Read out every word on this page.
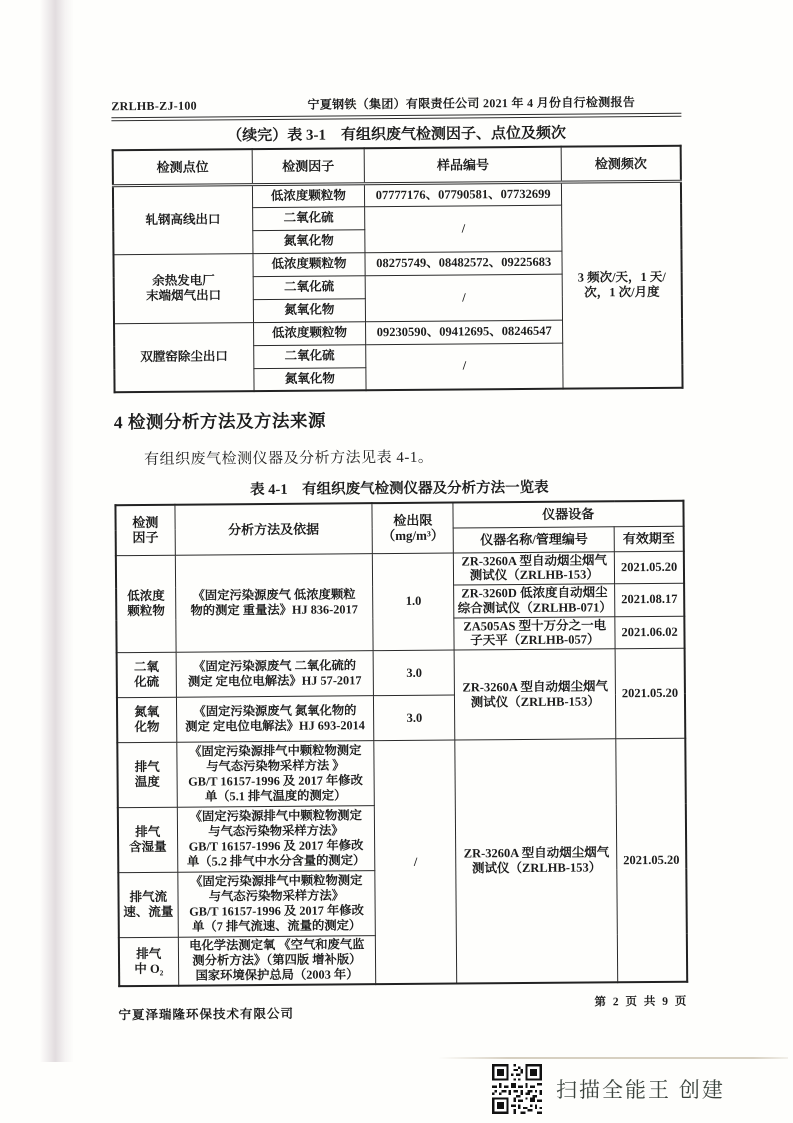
ZRLHB-ZJ-100	宁夏钢铁（集团）有限责任公司 2021 年 4 月份自行检测报告
（续完）表 3-1　有组织废气检测因子、点位及频次
检测点位	检测因子	样品编号	检测频次
轧钢高线出口	低浓度颗粒物	07777176、07790581、07732699	3 频次/天，1 天/
次，1 次/月度
	二氧化硫	/	
	氮氧化物		
余热发电厂
末端烟气出口	低浓度颗粒物	08275749、08482572、09225683	
	二氧化硫	/	
	氮氧化物		
双膛窑除尘出口	低浓度颗粒物	09230590、09412695、08246547	
	二氧化硫	/	
	氮氧化物		
4 检测分析方法及方法来源
有组织废气检测仪器及分析方法见表 4-1。
表 4-1　有组织废气检测仪器及分析方法一览表
检测
因子	分析方法及依据	检出限
（mg/m³）	仪器设备	
			仪器名称/管理编号	有效期至
低浓度
颗粒物	《固定污染源废气 低浓度颗粒
物的测定 重量法》HJ 836-2017	1.0	ZR-3260A 型自动烟尘烟气
测试仪（ZRLHB-153）	2021.05.20
			ZR-3260D 低浓度自动烟尘
综合测试仪（ZRLHB-071）	2021.08.17
			ZA505AS 型十万分之一电
子天平（ZRLHB-057）	2021.06.02
二氧
化硫	《固定污染源废气 二氧化硫的
测定 定电位电解法》HJ 57-2017	3.0	ZR-3260A 型自动烟尘烟气
测试仪（ZRLHB-153）	2021.05.20
氮氧
化物	《固定污染源废气 氮氧化物的
测定 定电位电解法》HJ 693-2014	3.0		
排气
温度	《固定污染源排气中颗粒物测定
与气态污染物采样方法 》
GB/T 16157-1996 及 2017 年修改
单（5.1 排气温度的测定）	/	ZR-3260A 型自动烟尘烟气
测试仪（ZRLHB-153）	2021.05.20
排气
含湿量	《固定污染源排气中颗粒物测定
与气态污染物采样方法》
GB/T 16157-1996 及 2017 年修改
单（5.2 排气中水分含量的测定）			
排气流
速、流量	《固定污染源排气中颗粒物测定
与气态污染物采样方法》
GB/T 16157-1996 及 2017 年修改
单（7 排气流速、流量的测定）			
排气
中 O₂	电化学法测定氧 《空气和废气监
测分析方法》（第四版 增补版）
国家环境保护总局（2003 年）			
宁夏泽瑞隆环保技术有限公司
第 2 页 共 9 页
扫描全能王 创建
